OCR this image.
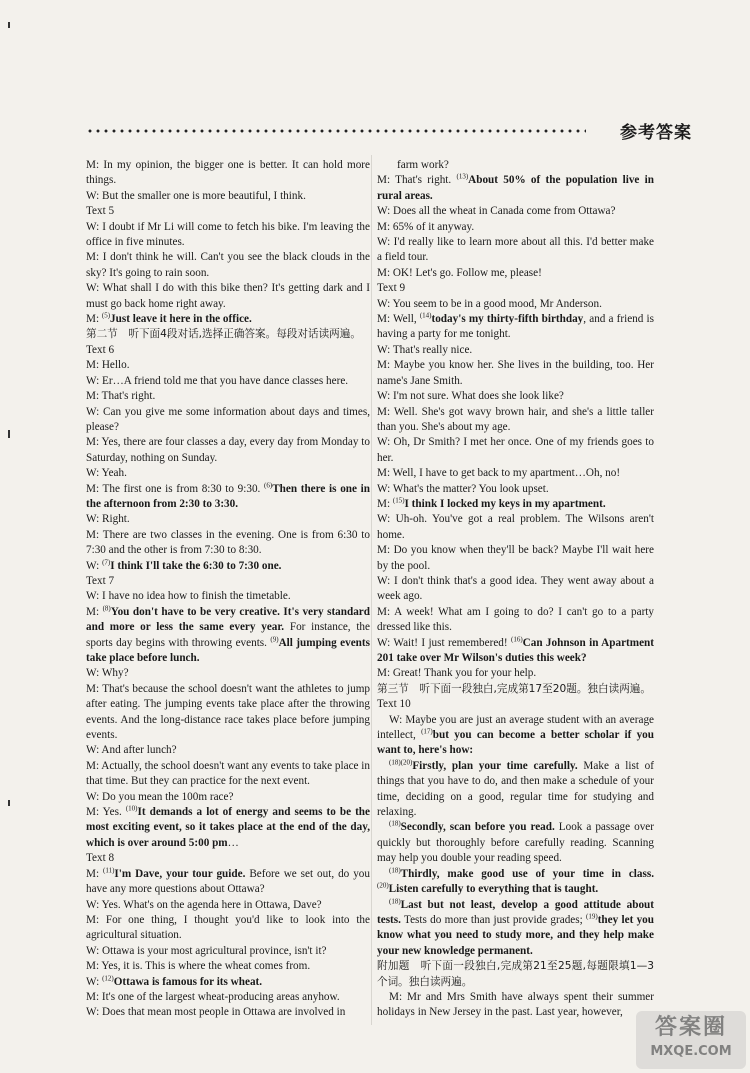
参考答案

M: In my opinion, the bigger one is better. It can hold more things.

W: But the smaller one is more beautiful, I think.

Text 5

W: I doubt if Mr Li will come to fetch his bike. I'm leaving the office in five minutes.

M: I don't think he will. Can't you see the black clouds in the sky? It's going to rain soon.

W: What shall I do with this bike then? It's getting dark and I must go back home right away.

M: $^{(5)}$Just leave it here in the office.

第二节　听下面4段对话,选择正确答案。每段对话读两遍。

Text 6

M: Hello.

W: Er…A friend told me that you have dance classes here.

M: That's right.

W: Can you give me some information about days and times, please?

M: Yes, there are four classes a day, every day from Monday to Saturday, nothing on Sunday.

W: Yeah.

M: The first one is from 8:30 to 9:30. $^{(6)}$Then there is one in the afternoon from 2:30 to 3:30.

W: Right.

M: There are two classes in the evening. One is from 6:30 to 7:30 and the other is from 7:30 to 8:30.

W: $^{(7)}$I think I'll take the 6:30 to 7:30 one.

Text 7

W: I have no idea how to finish the timetable.

M: $^{(8)}$You don't have to be very creative. It's very standard and more or less the same every year. For instance, the sports day begins with throwing events. $^{(9)}$All jumping events take place before lunch.

W: Why?

M: That's because the school doesn't want the athletes to jump after eating. The jumping events take place after the throwing events. And the long-distance race takes place before jumping events.

W: And after lunch?

M: Actually, the school doesn't want any events to take place in that time. But they can practice for the next event.

W: Do you mean the 100m race?

M: Yes. $^{(10)}$It demands a lot of energy and seems to be the most exciting event, so it takes place at the end of the day, which is over around 5:00 pm…

Text 8

M: $^{(11)}$I'm Dave, your tour guide. Before we set out, do you have any more questions about Ottawa?

W: Yes. What's on the agenda here in Ottawa, Dave?

M: For one thing, I thought you'd like to look into the agricultural situation.

W: Ottawa is your most agricultural province, isn't it?

M: Yes, it is. This is where the wheat comes from.

W: $^{(12)}$Ottawa is famous for its wheat.

M: It's one of the largest wheat-producing areas anyhow.

W: Does that mean most people in Ottawa are involved in

farm work?

M: That's right. $^{(13)}$About 50% of the population live in rural areas.

W: Does all the wheat in Canada come from Ottawa?

M: 65% of it anyway.

W: I'd really like to learn more about all this. I'd better make a field tour.

M: OK! Let's go. Follow me, please!

Text 9

W: You seem to be in a good mood, Mr Anderson.

M: Well, $^{(14)}$today's my thirty-fifth birthday, and a friend is having a party for me tonight.

W: That's really nice.

M: Maybe you know her. She lives in the building, too. Her name's Jane Smith.

W: I'm not sure. What does she look like?

M: Well. She's got wavy brown hair, and she's a little taller than you. She's about my age.

W: Oh, Dr Smith? I met her once. One of my friends goes to her.

M: Well, I have to get back to my apartment…Oh, no!

W: What's the matter? You look upset.

M: $^{(15)}$I think I locked my keys in my apartment.

W: Uh-oh. You've got a real problem. The Wilsons aren't home.

M: Do you know when they'll be back? Maybe I'll wait here by the pool.

W: I don't think that's a good idea. They went away about a week ago.

M: A week! What am I going to do? I can't go to a party dressed like this.

W: Wait! I just remembered! $^{(16)}$Can Johnson in Apartment 201 take over Mr Wilson's duties this week?

M: Great! Thank you for your help.

第三节　听下面一段独白,完成第17至20题。独白读两遍。

Text 10

W: Maybe you are just an average student with an average intellect, $^{(17)}$but you can become a better scholar if you want to, here's how:

$^{(18)(20)}$Firstly, plan your time carefully. Make a list of things that you have to do, and then make a schedule of your time, deciding on a good, regular time for studying and relaxing.

$^{(18)}$Secondly, scan before you read. Look a passage over quickly but thoroughly before carefully reading. Scanning may help you double your reading speed.

$^{(18)}$Thirdly, make good use of your time in class. $^{(20)}$Listen carefully to everything that is taught.

$^{(18)}$Last but not least, develop a good attitude about tests. Tests do more than just provide grades; $^{(19)}$they let you know what you need to study more, and they help make your new knowledge permanent.

附加题　听下面一段独白,完成第21至25题,每题限填1—3个词。独白读两遍。

M: Mr and Mrs Smith have always spent their summer holidays in New Jersey in the past. Last year, however,

答案圈
MXQE.COM
